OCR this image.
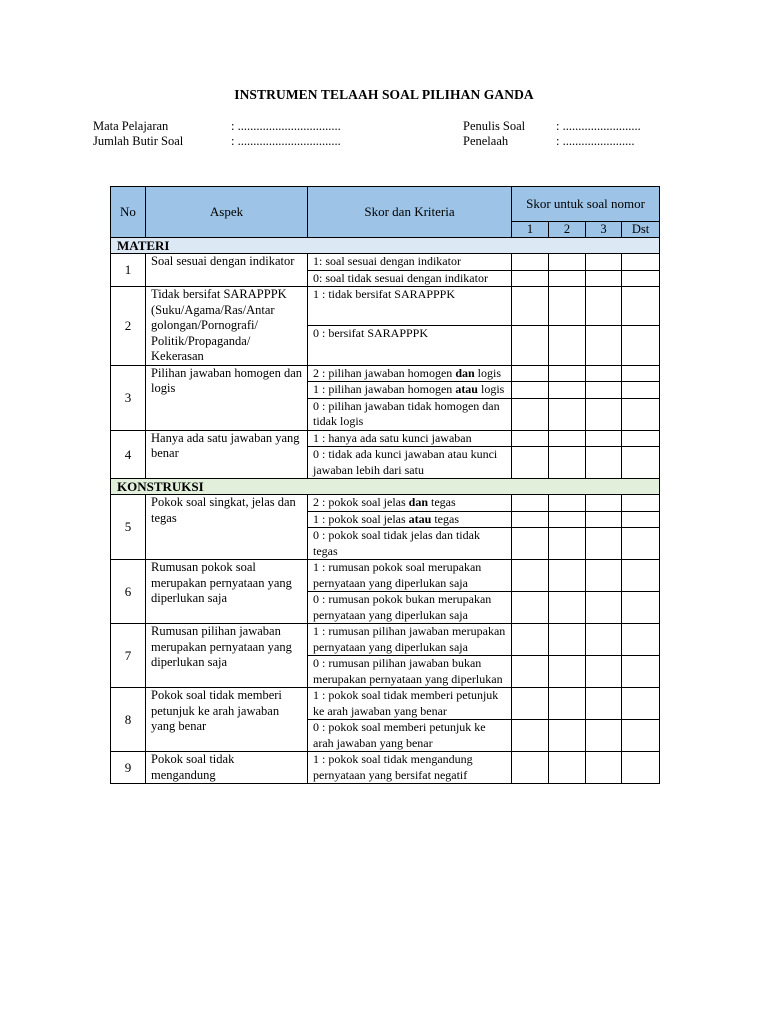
INSTRUMEN TELAAH SOAL PILIHAN GANDA
Mata Pelajaran	: .................................
Jumlah Butir Soal	: .................................
Penulis Soal	: .........................
Penelaah	: .......................
No	Aspek	Skor dan Kriteria	Skor untuk soal nomor			
			1	2	3	Dst
MATERI						
1	Soal sesuai dengan indikator	1: soal sesuai dengan indikator				
		0: soal tidak sesuai dengan indikator				
2	Tidak bersifat SARAPPPK (Suku/Agama/Ras/Antar golongan/Pornografi/ Politik/Propaganda/ Kekerasan	1 : tidak bersifat SARAPPPK				
		0 : bersifat SARAPPPK				
3	Pilihan jawaban homogen dan logis	2 : pilihan jawaban homogen dan logis				
		1 : pilihan jawaban homogen atau logis				
		0 : pilihan jawaban tidak homogen dan tidak logis				
4	Hanya ada satu jawaban yang benar	1 : hanya ada satu kunci jawaban				
		0 : tidak ada kunci jawaban atau kunci jawaban lebih dari satu				
KONSTRUKSI						
5	Pokok soal singkat, jelas dan tegas	2 : pokok soal jelas dan tegas				
		1 : pokok soal jelas atau tegas				
		0 : pokok soal tidak jelas dan tidak tegas				
6	Rumusan pokok soal merupakan pernyataan yang diperlukan saja	1 : rumusan pokok soal merupakan pernyataan yang diperlukan saja				
		0 : rumusan pokok bukan merupakan pernyataan yang diperlukan saja				
7	Rumusan pilihan jawaban merupakan pernyataan yang diperlukan saja	1 : rumusan pilihan jawaban merupakan pernyataan yang diperlukan saja				
		0 : rumusan pilihan jawaban bukan merupakan pernyataan yang diperlukan				
8	Pokok soal tidak memberi petunjuk ke arah jawaban yang benar	1 : pokok soal tidak memberi petunjuk ke arah jawaban yang benar				
		0 : pokok soal memberi petunjuk ke arah jawaban yang benar				
9	Pokok soal tidak mengandung	1 : pokok soal tidak mengandung pernyataan yang bersifat negatif				
